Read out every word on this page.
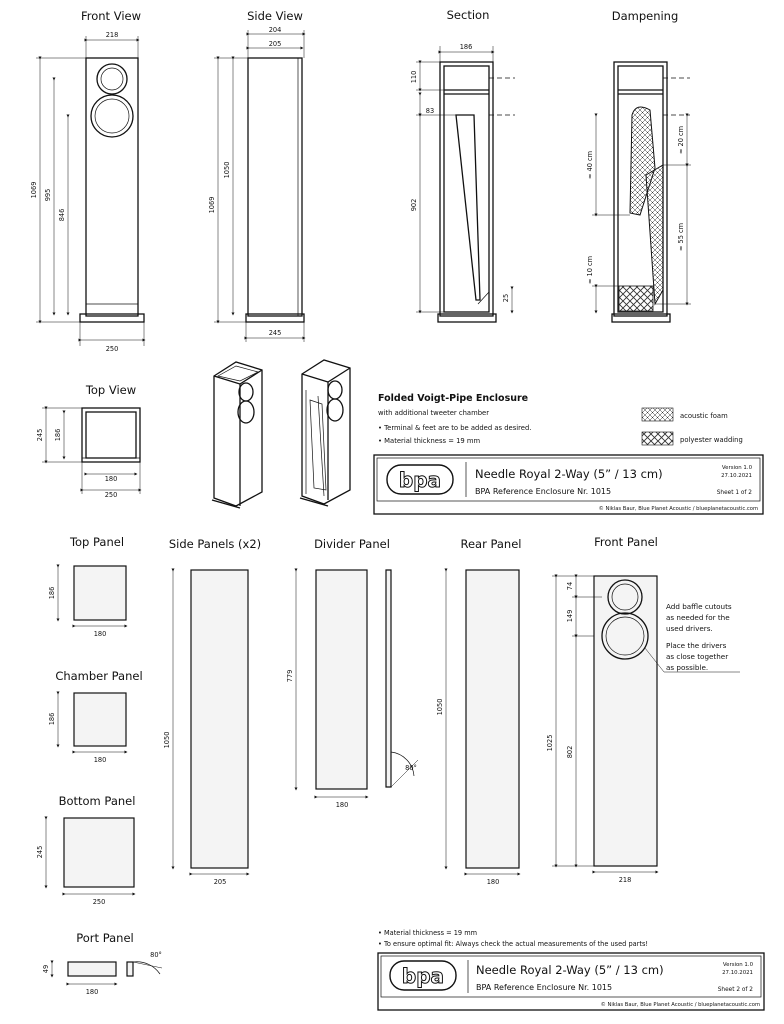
Front View	Side View	Section	Dampening
218
1069 995
846
250
204
205
1069
1050
245
186
110
83
902
25
≈ 40 cm
≈ 20 cm
≈ 55 cm
≈ 10 cm
Top View
245 186
180
250
Folded Voigt-Pipe Enclosure
with additional tweeter chamber
• Terminal & feet are to be added as desired.
• Material thickness = 19 mm
acoustic foam
polyester wadding
bpa	Needle Royal 2-Way (5” / 13 cm)
BPA Reference Enclosure Nr. 1015
Version 1.0
27.10.2021
Sheet 1 of 2
© Niklas Baur, Blue Planet Acoustic / blueplanetacoustic.com
Top Panel	Side Panels (x2)	Divider Panel	Rear Panel	Front Panel
186
180
Chamber Panel
186
180
Bottom Panel
245
250
Port Panel
80°
49
180
1050
205
779
180
80°
1050
180
74
149
1025
802
218
Add baffle cutouts
as needed for the
used drivers.
Place the drivers
as close together
as possible.
• Material thickness = 19 mm
• To ensure optimal fit: Always check the actual measurements of the used parts!
bpa	Needle Royal 2-Way (5” / 13 cm)
BPA Reference Enclosure Nr. 1015
Version 1.0
27.10.2021
Sheet 2 of 2
© Niklas Baur, Blue Planet Acoustic / blueplanetacoustic.com
